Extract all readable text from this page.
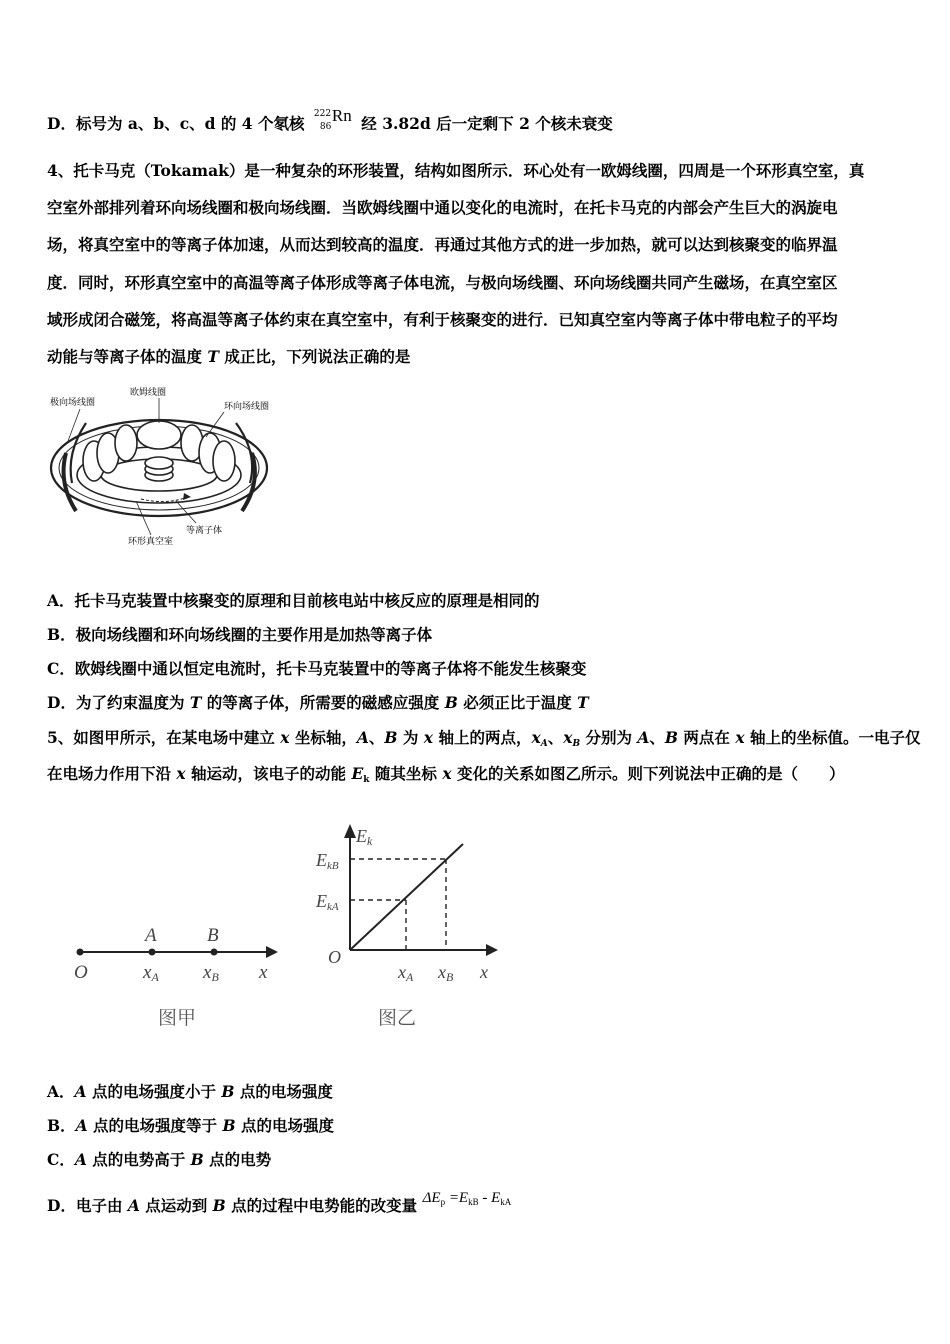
D．标号为 a、b、c、d 的 4 个氡核 222
86
Rn 经 3.82d 后一定剩下 2 个核未衰变
4、托卡马克（Tokamak）是一种复杂的环形装置，结构如图所示．环心处有一欧姆线圈，四周是一个环形真空室，真
空室外部排列着环向场线圈和极向场线圈．当欧姆线圈中通以变化的电流时，在托卡马克的内部会产生巨大的涡旋电
场，将真空室中的等离子体加速，从而达到较高的温度．再通过其他方式的进一步加热，就可以达到核聚变的临界温
度．同时，环形真空室中的高温等离子体形成等离子体电流，与极向场线圈、环向场线圈共同产生磁场，在真空室区
域形成闭合磁笼，将高温等离子体约束在真空室中，有利于核聚变的进行．已知真空室内等离子体中带电粒子的平均
动能与等离子体的温度 T 成正比，下列说法正确的是
极向场线圈
欧姆线圈
环向场线圈
等离子体
环形真空室
A．托卡马克装置中核聚变的原理和目前核电站中核反应的原理是相同的
B．极向场线圈和环向场线圈的主要作用是加热等离子体
C．欧姆线圈中通以恒定电流时，托卡马克装置中的等离子体将不能发生核聚变
D．为了约束温度为 T 的等离子体，所需要的磁感应强度 B 必须正比于温度 T
5、如图甲所示，在某电场中建立 x 坐标轴，A、B 为 x 轴上的两点，$x_A$、$x_B$ 分别为 A、B 两点在 x 轴上的坐标值。一电子仅
在电场力作用下沿 x 轴运动，该电子的动能 $E_k$ 随其坐标 x 变化的关系如图乙所示。则下列说法中正确的是（　　）
A	B
O	xA xB x
图甲
Ek
EkB
EkA
O
xA xB x
图乙
A．A 点的电场强度小于 B 点的电场强度
B．A 点的电场强度等于 B 点的电场强度
C．A 点的电势高于 B 点的电势
D．电子由 A 点运动到 B 点的过程中电势能的改变量 $\Delta E_p =E_{kB} - E_{kA}$
